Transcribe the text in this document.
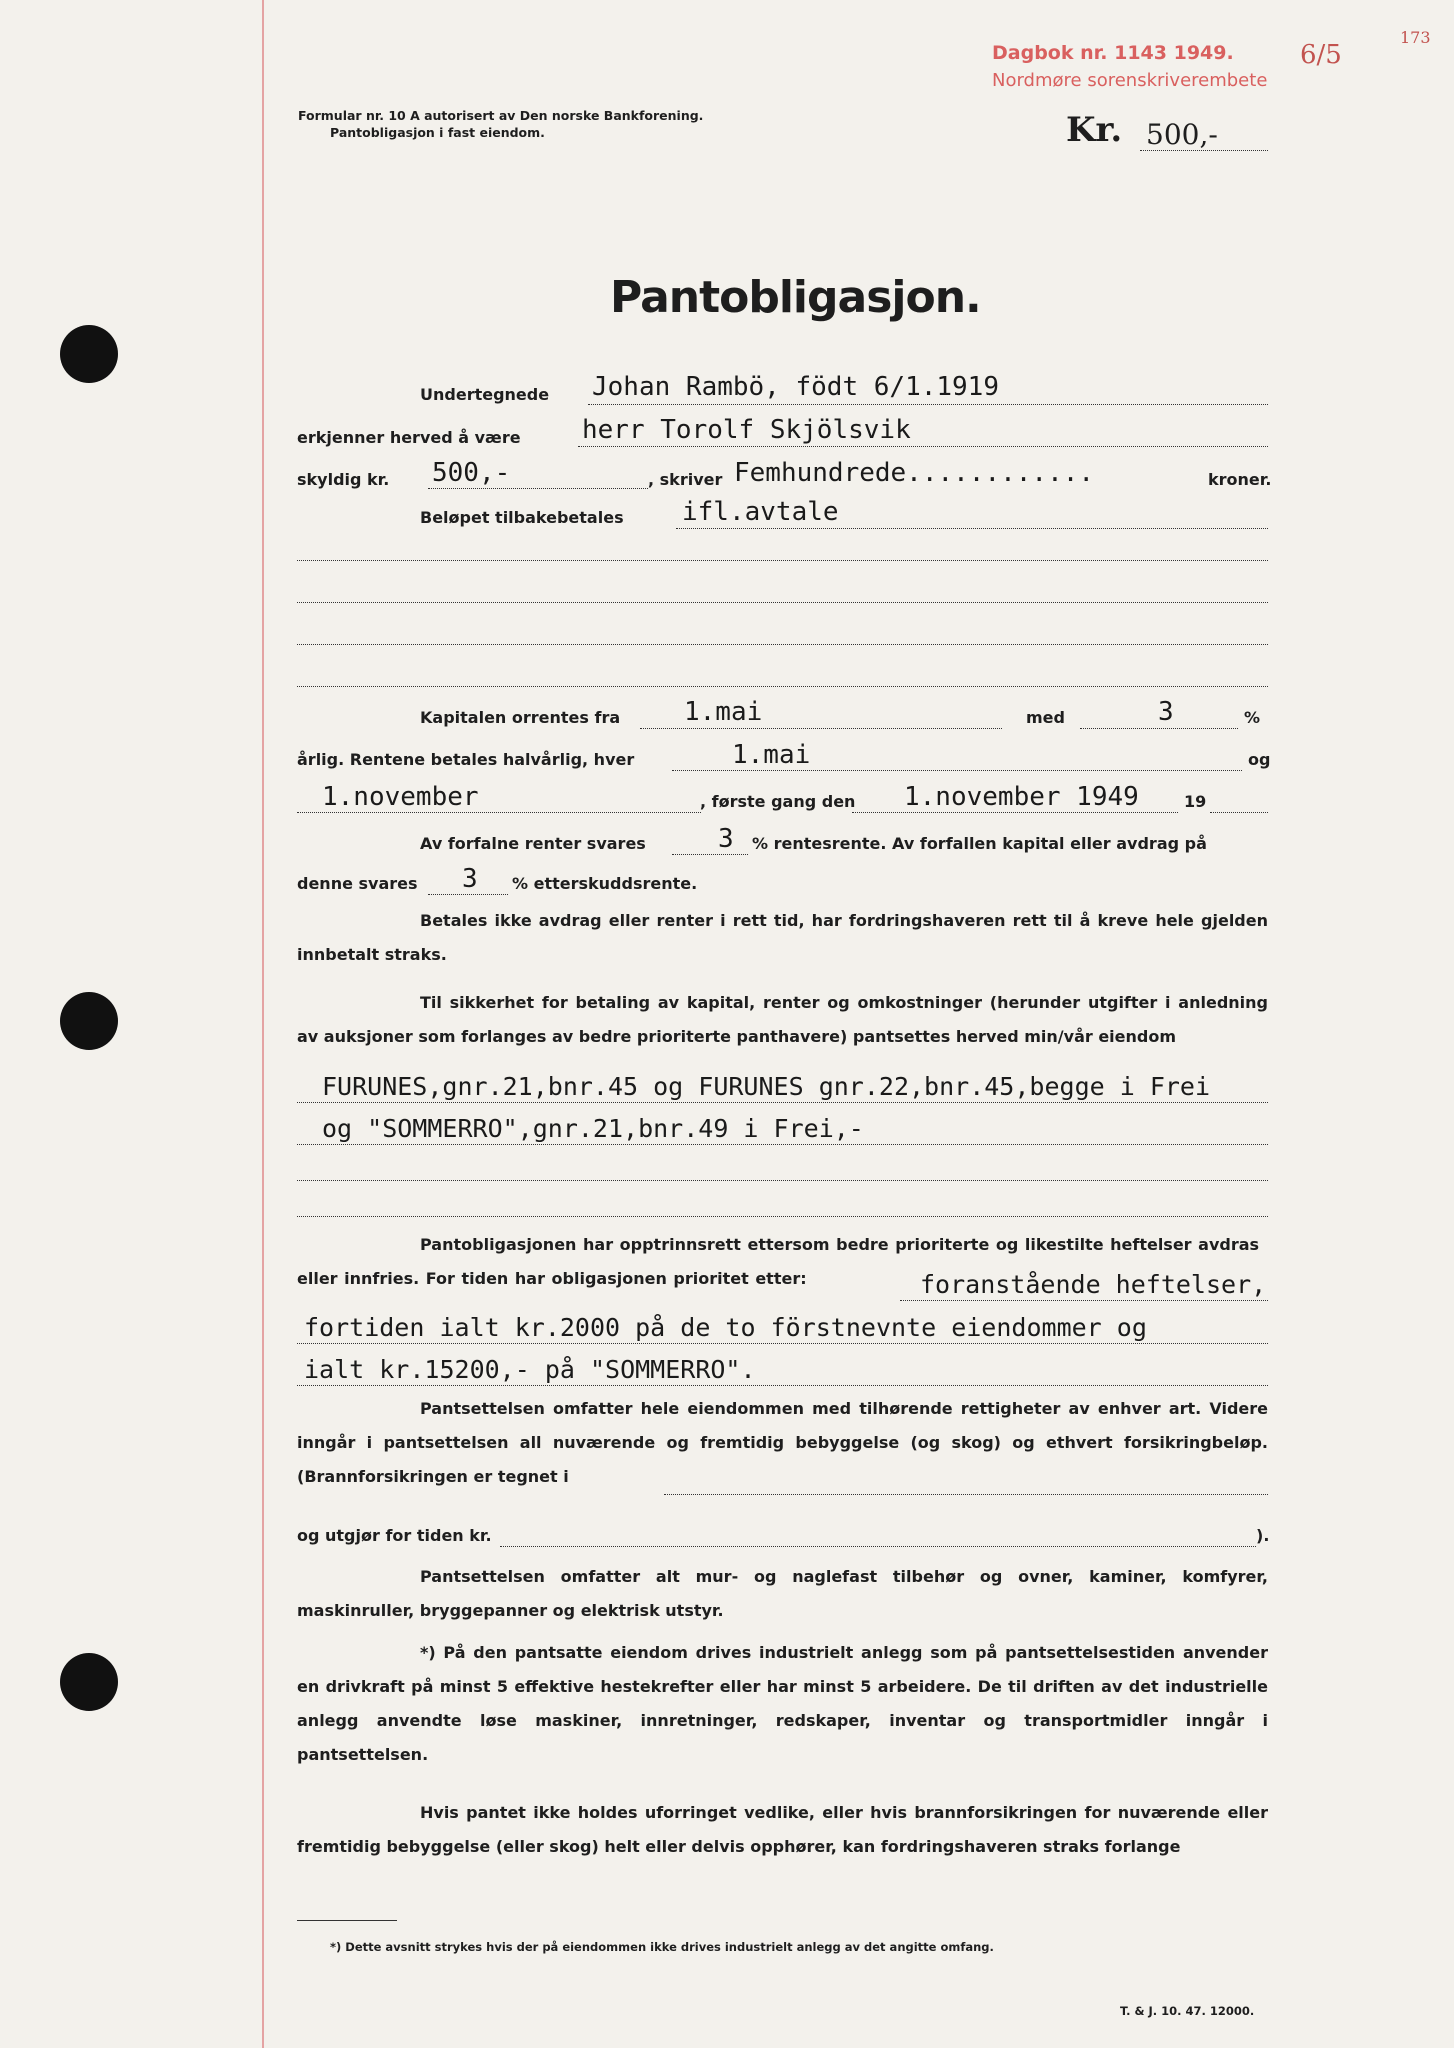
Dagbok nr. 1143 1949.
Nordmøre sorenskriverembete
6/5
173
Formular nr. 10 A autorisert av Den norske Bankforening.
Pantobligasjon i fast eiendom.	Kr. 500,-
Pantobligasjon.
Undertegnede Johan Rambö, födt 6/1.1919
erkjenner herved å være herr Torolf Skjölsvik
skyldig kr. 500,-	, skriver Femhundrede............	kroner.
Beløpet tilbakebetales ifl.avtale
Kapitalen orrentes fra 1.mai	med	3	%
årlig. Rentene betales halvårlig, hver	1.mai	og
1.november	, første gang den 1.november 1949	19
Av forfalne renter svares	3 % rentesrente. Av forfallen kapital eller avdrag på
denne svares 3 % etterskuddsrente.
Betales ikke avdrag eller renter i rett tid, har fordringshaveren rett til å kreve hele gjelden innbetalt straks.
Til sikkerhet for betaling av kapital, renter og omkostninger (herunder utgifter i anledning av auksjoner som forlanges av bedre prioriterte panthavere) pantsettes herved min/vår eiendom
FURUNES,gnr.21,bnr.45 og FURUNES gnr.22,bnr.45,begge i Frei
og "SOMMERRO",gnr.21,bnr.49 i Frei,-
Pantobligasjonen har opptrinnsrett ettersom bedre prioriterte og likestilte heftelser avdras eller innfries. For tiden har obligasjonen prioritet etter:	foranstående heftelser,
fortiden ialt kr.2000 på de to förstnevnte eiendommer og
ialt kr.15200,- på "SOMMERRO".
Pantsettelsen omfatter hele eiendommen med tilhørende rettigheter av enhver art. Videre inngår i pantsettelsen all nuværende og fremtidig bebyggelse (og skog) og ethvert forsikringbeløp. (Brannforsikringen er tegnet i
og utgjør for tiden kr.	).
Pantsettelsen omfatter alt mur- og naglefast tilbehør og ovner, kaminer, komfyrer, maskinruller, bryggepanner og elektrisk utstyr.
*) På den pantsatte eiendom drives industrielt anlegg som på pantsettelsestiden anvender en drivkraft på minst 5 effektive hestekrefter eller har minst 5 arbeidere. De til driften av det industrielle anlegg anvendte løse maskiner, innretninger, redskaper, inventar og transportmidler inngår i pantsettelsen.
Hvis pantet ikke holdes uforringet vedlike, eller hvis brannforsikringen for nuværende eller fremtidig bebyggelse (eller skog) helt eller delvis opphører, kan fordringshaveren straks forlange
*) Dette avsnitt strykes hvis der på eiendommen ikke drives industrielt anlegg av det angitte omfang.
T. & J. 10. 47. 12000.
